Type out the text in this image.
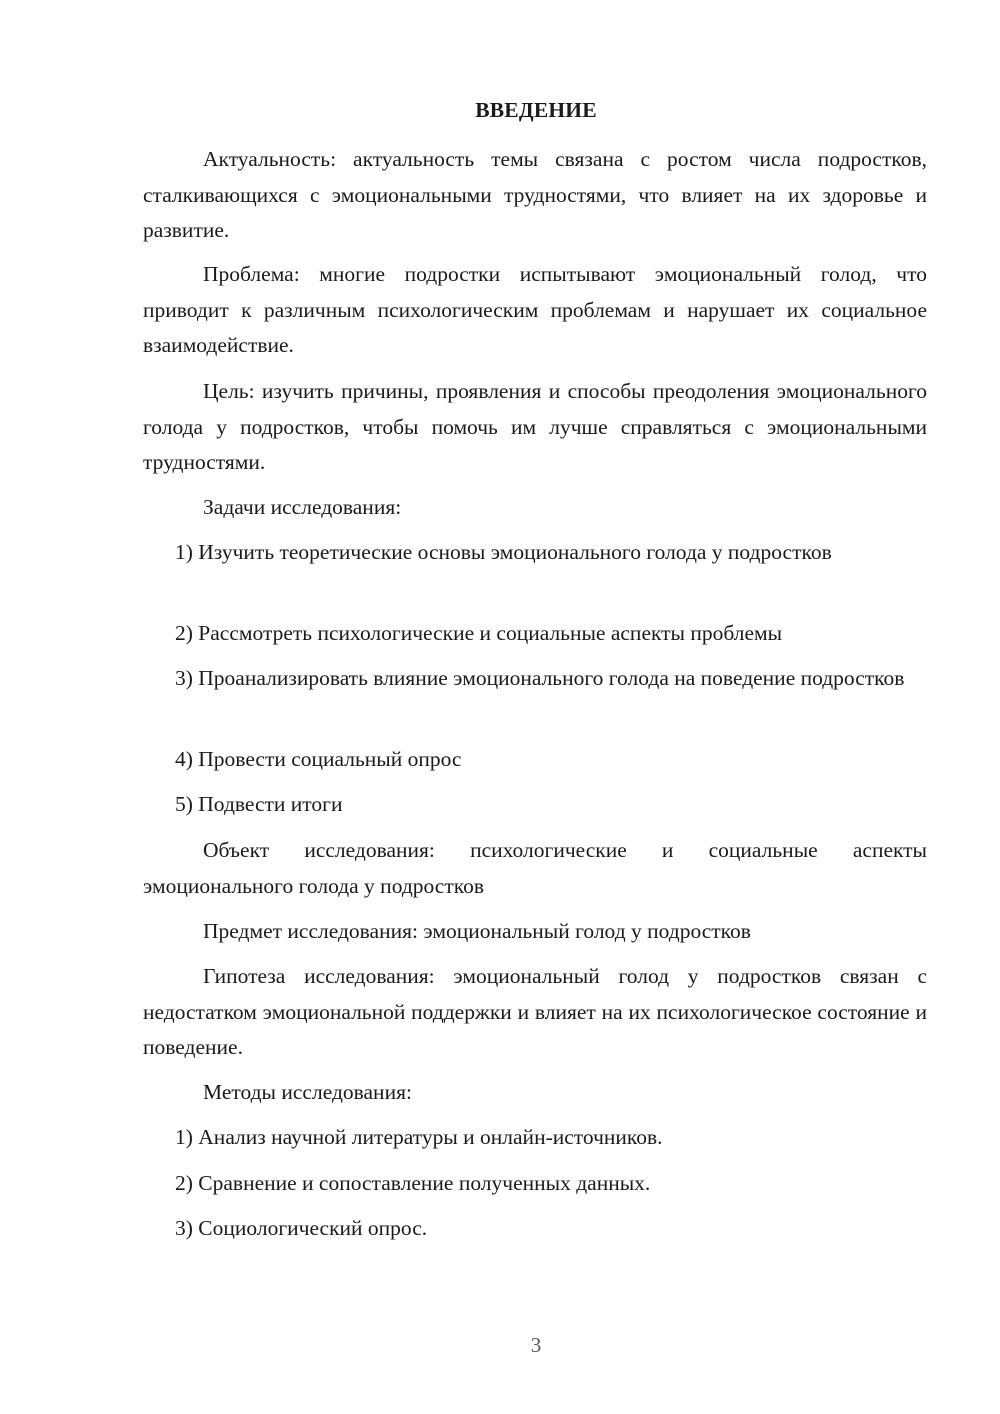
ВВЕДЕНИЕ

Актуальность: актуальность темы связана с ростом числа подростков, сталкивающихся с эмоциональными трудностями, что влияет на их здоровье и развитие.

Проблема: многие подростки испытывают эмоциональный голод, что приводит к различным психологическим проблемам и нарушает их социальное взаимодействие.

Цель: изучить причины, проявления и способы преодоления эмоционального голода у подростков, чтобы помочь им лучше справляться с эмоциональными трудностями.

Задачи исследования:

1) Изучить теоретические основы эмоционального голода у подростков

2) Рассмотреть психологические и социальные аспекты проблемы

3) Проанализировать влияние эмоционального голода на поведение подростков

4) Провести социальный опрос

5) Подвести итоги

Объект исследования: психологические и социальные аспекты эмоционального голода у подростков

Предмет исследования: эмоциональный голод у подростков

Гипотеза исследования: эмоциональный голод у подростков связан с недостатком эмоциональной поддержки и влияет на их психологическое состояние и поведение.

Методы исследования:

1) Анализ научной литературы и онлайн-источников.

2) Сравнение и сопоставление полученных данных.

3) Социологический опрос.

3
